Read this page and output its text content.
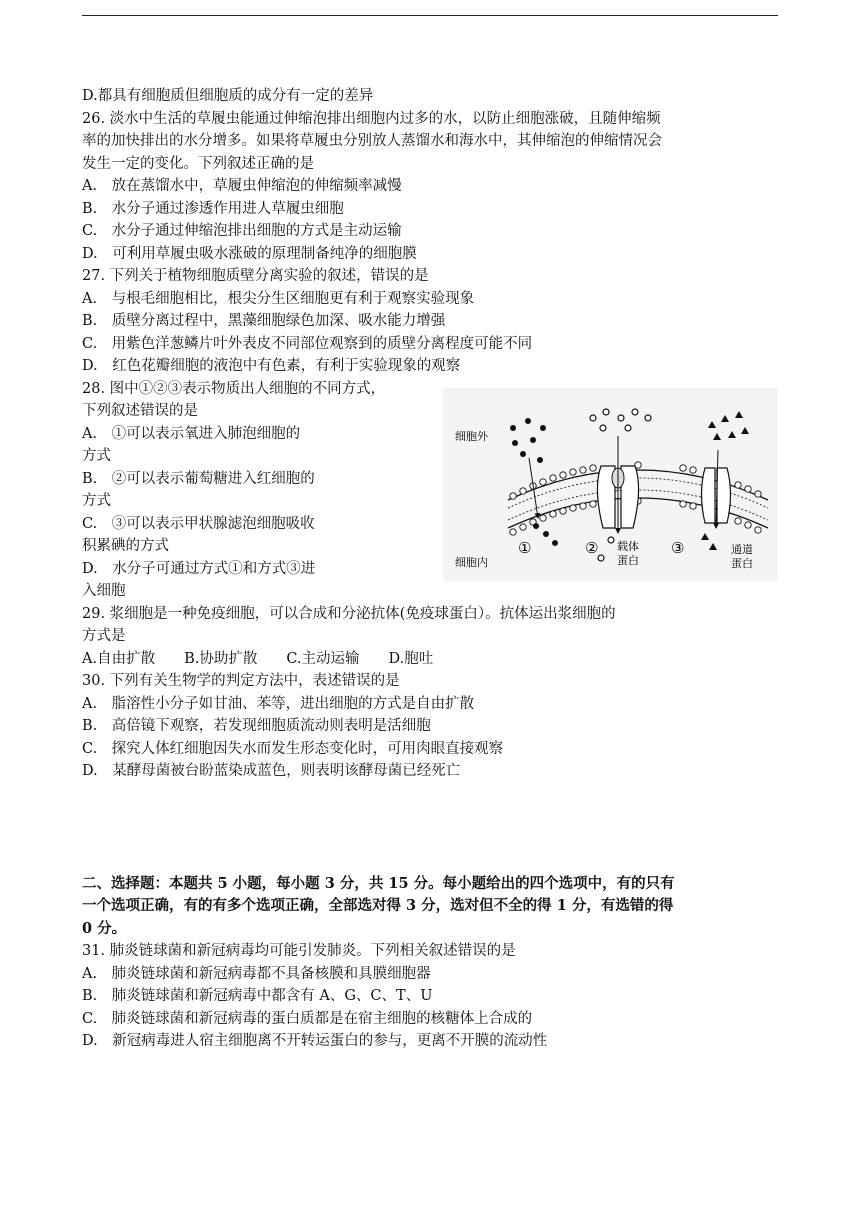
D.都具有细胞质但细胞质的成分有一定的差异
26. 淡水中生活的草履虫能通过伸缩泡排出细胞内过多的水，以防止细胞涨破，且随伸缩频
率的加快排出的水分增多。如果将草履虫分别放人蒸馏水和海水中，其伸缩泡的伸缩情况会
发生一定的变化。下列叙述正确的是
A.　放在蒸馏水中，草履虫伸缩泡的伸缩频率减慢
B.　水分子通过渗透作用进人草履虫细胞
C.　水分子通过伸缩泡排出细胞的方式是主动运输
D.　可利用草履虫吸水涨破的原理制备纯净的细胞膜
27. 下列关于植物细胞质壁分离实验的叙述，错误的是
A.　与根毛细胞相比，根尖分生区细胞更有利于观察实验现象
B.　质壁分离过程中，黑藻细胞绿色加深、吸水能力增强
C.　用紫色洋葱鳞片叶外表皮不同部位观察到的质壁分离程度可能不同
D.　红色花瓣细胞的液泡中有色素，有利于实验现象的观察
28. 图中①②③表示物质出人细胞的不同方式，
下列叙述错误的是
A.　①可以表示氧进入肺泡细胞的
方式
B.　②可以表示葡萄糖进入红细胞的
方式
C.　③可以表示甲状腺滤泡细胞吸收
积累碘的方式
D.　水分子可通过方式①和方式③进
入细胞
29. 浆细胞是一种免疫细胞，可以合成和分泌抗体(免疫球蛋白）。抗体运出浆细胞的
方式是
A.自由扩散　　B.协助扩散　　C.主动运输　　D.胞吐
30. 下列有关生物学的判定方法中，表述错误的是
A.　脂溶性小分子如甘油、苯等，进出细胞的方式是自由扩散
B.　高倍镜下观察，若发现细胞质流动则表明是活细胞
C.　探究人体红细胞因失水而发生形态变化时，可用肉眼直接观察
D.　某酵母菌被台盼蓝染成蓝色，则表明该酵母菌已经死亡
二、选择题：本题共 5 小题，每小题 3 分，共 15 分。每小题给出的四个选项中，有的只有
一个选项正确，有的有多个选项正确，全部选对得 3 分，选对但不全的得 1 分，有选错的得
0 分。
31. 肺炎链球菌和新冠病毒均可能引发肺炎。下列相关叙述错误的是
A.　肺炎链球菌和新冠病毒都不具备核膜和具膜细胞器
B.　肺炎链球菌和新冠病毒中都含有 A、G、C、T、U
C.　肺炎链球菌和新冠病毒的蛋白质都是在宿主细胞的核糖体上合成的
D.　新冠病毒进人宿主细胞离不开转运蛋白的参与，更离不开膜的流动性
细胞外
细胞内
①	②	③
载体
蛋白
通道
蛋白
